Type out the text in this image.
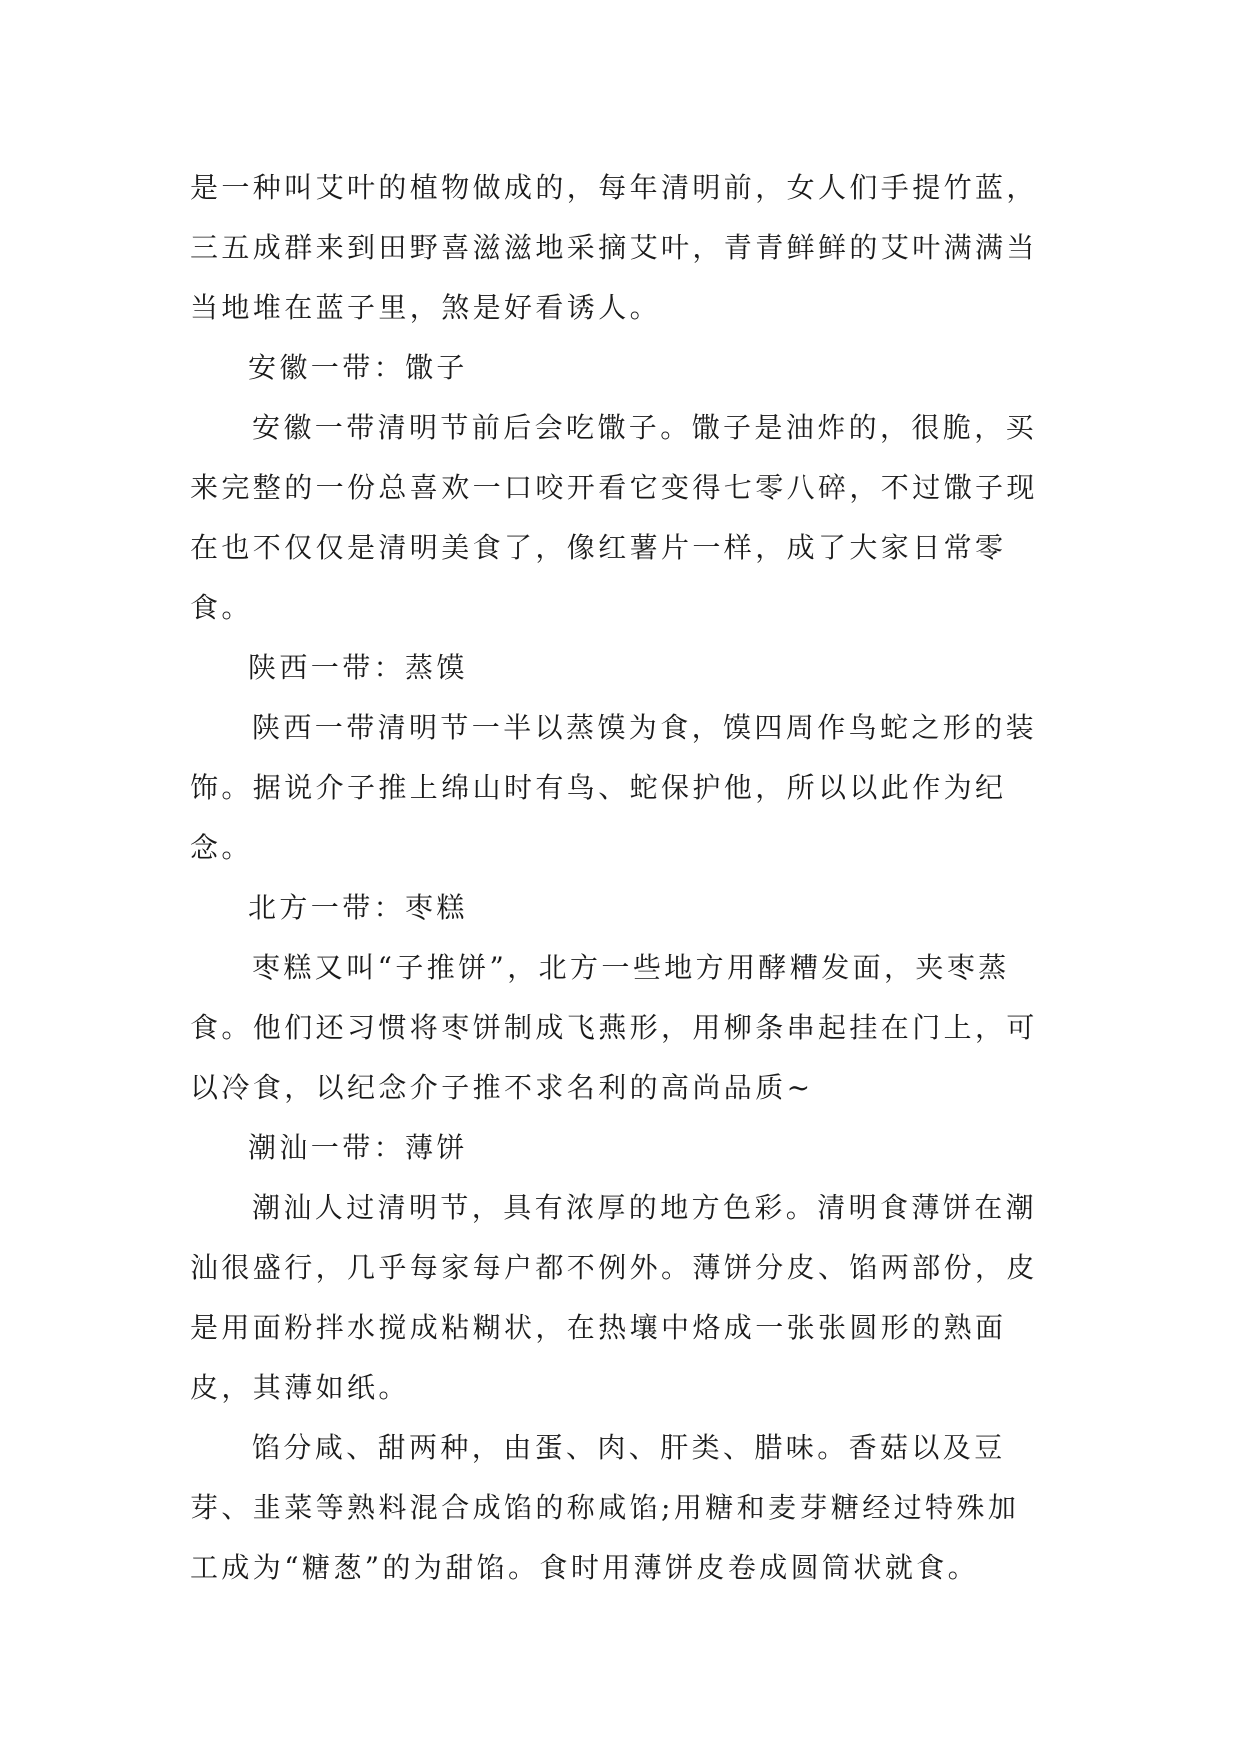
是一种叫艾叶的植物做成的，每年清明前，女人们手提竹蓝，三五成群来到田野喜滋滋地采摘艾叶，青青鲜鲜的艾叶满满当当地堆在蓝子里，煞是好看诱人。

安徽一带：馓子

安徽一带清明节前后会吃馓子。馓子是油炸的，很脆，买来完整的一份总喜欢一口咬开看它变得七零八碎，不过馓子现在也不仅仅是清明美食了，像红薯片一样，成了大家日常零食。

陕西一带：蒸馍

陕西一带清明节一半以蒸馍为食，馍四周作鸟蛇之形的装饰。据说介子推上绵山时有鸟、蛇保护他，所以以此作为纪念。

北方一带：枣糕

枣糕又叫“子推饼”，北方一些地方用酵糟发面，夹枣蒸食。他们还习惯将枣饼制成飞燕形，用柳条串起挂在门上，可以冷食，以纪念介子推不求名利的高尚品质~

潮汕一带：薄饼

潮汕人过清明节，具有浓厚的地方色彩。清明食薄饼在潮汕很盛行，几乎每家每户都不例外。薄饼分皮、馅两部份，皮是用面粉拌水搅成粘糊状，在热壤中烙成一张张圆形的熟面皮，其薄如纸。

馅分咸、甜两种，由蛋、肉、肝类、腊味。香菇以及豆芽、韭菜等熟料混合成馅的称咸馅;用糖和麦芽糖经过特殊加工成为“糖葱”的为甜馅。食时用薄饼皮卷成圆筒状就食。
